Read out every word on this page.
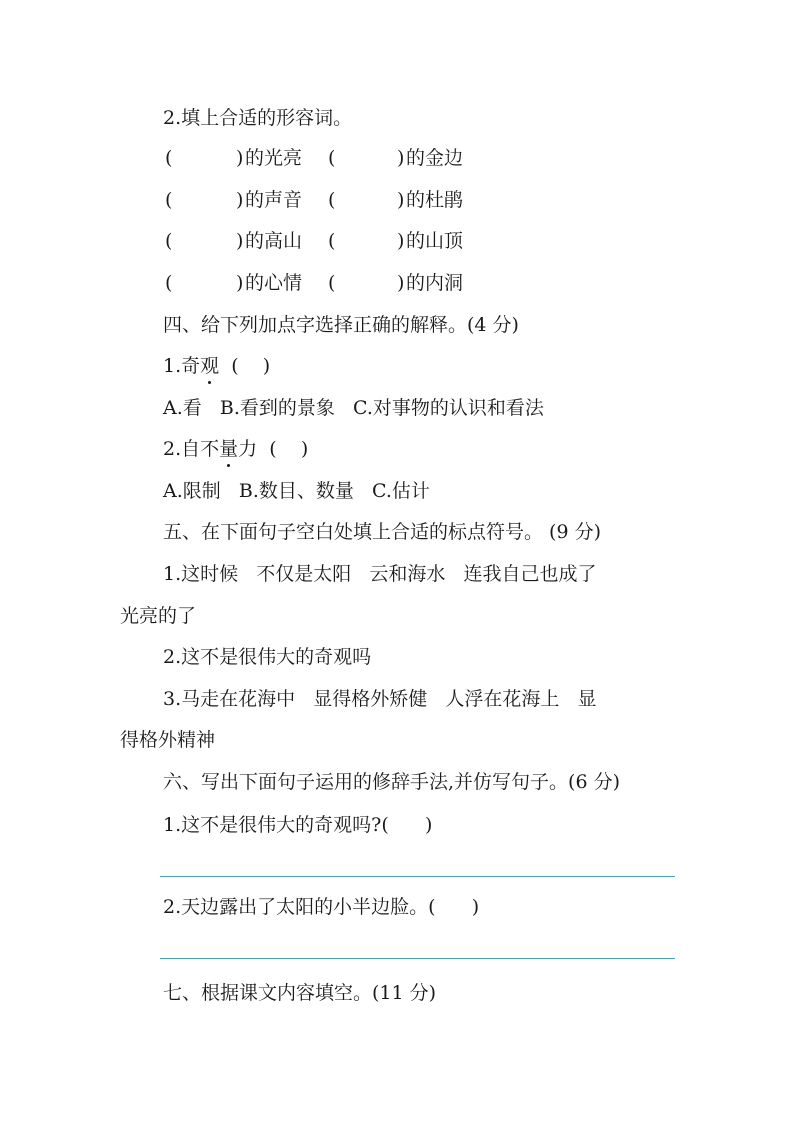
2.填上合适的形容词。
(	) 的光亮	(	) 的金边
(	) 的声音	(	) 的杜鹃
(	) 的高山	(	) 的山顶
(	) 的心情	(	) 的内洞
四、给下列加点字选择正确的解释。(4 分)
1.奇观  (    )
A.看   B.看到的景象   C.对事物的认识和看法
2.自不量力  (    )
A.限制   B.数目、数量   C.估计
五、在下面句子空白处填上合适的标点符号。 (9 分)
1.这时候   不仅是太阳   云和海水   连我自己也成了
光亮的了
2.这不是很伟大的奇观吗
3.马走在花海中   显得格外矫健   人浮在花海上   显
得格外精神
六、写出下面句子运用的修辞手法,并仿写句子。(6 分)
1.这不是很伟大的奇观吗?(      )
2.天边露出了太阳的小半边脸。(      )
七、根据课文内容填空。(11 分)
